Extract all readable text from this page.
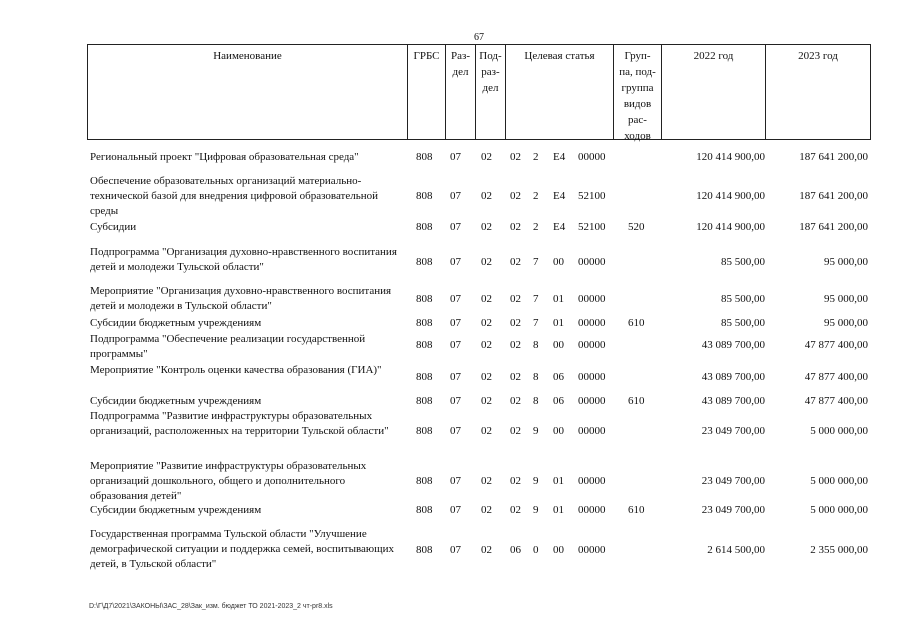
67
Наименование	ГРБС	Раз-
дел
Под-
раз-
дел
Целевая статья	Груп-
па, под-
группа
видов
рас-
ходов
2022 год	2023 год
Региональный проект "Цифровая образовательная среда"	808	07	02	02	2	Е4	00000	120 414 900,00	187 641 200,00
Обеспечение образовательных организаций материально-технической базой для внедрения цифровой образовательной среды
808	07	02	02	2	Е4	52100	120 414 900,00	187 641 200,00
Субсидии	808	07	02	02	2	Е4	52100	520	120 414 900,00	187 641 200,00
Подпрограмма "Организация духовно-нравственного воспитания детей и молодежи Тульской области"	808	07	02	02	7	00	00000	85 500,00	95 000,00
Мероприятие "Организация духовно-нравственного воспитания детей и молодежи в Тульской области"
808	07	02	02	7	01	00000	85 500,00	95 000,00
Субсидии бюджетным учреждениям	808	07	02	02	7	01	00000	610	85 500,00	95 000,00
Подпрограмма "Обеспечение реализации государственной программы"
808	07	02	02	8	00	00000	43 089 700,00	47 877 400,00
Мероприятие "Контроль оценки качества образования (ГИА)"
808	07	02	02	8	06	00000	43 089 700,00	47 877 400,00
Субсидии бюджетным учреждениям	808	07	02	02	8	06	00000	610	43 089 700,00	47 877 400,00
Подпрограмма "Развитие инфраструктуры образовательных организаций, расположенных на территории Тульской области"	808	07	02	02	9	00	00000	23 049 700,00	5 000 000,00
Мероприятие "Развитие инфраструктуры образовательных организаций дошкольного, общего и дополнительного образования детей"
808	07	02	02	9	01	00000	23 049 700,00	5 000 000,00
Субсидии бюджетным учреждениям	808	07	02	02	9	01	00000	610	23 049 700,00	5 000 000,00
Государственная программа Тульской области "Улучшение демографической ситуации и поддержка семей, воспитывающих детей, в Тульской области"
808	07	02	06	0	00	00000	2 614 500,00	2 355 000,00
D:\Г\Д7\2021\ЗАКОНЫ\ЗАС_28\Зак_изм. бюджет ТО 2021-2023_2 чт-pr8.xls
